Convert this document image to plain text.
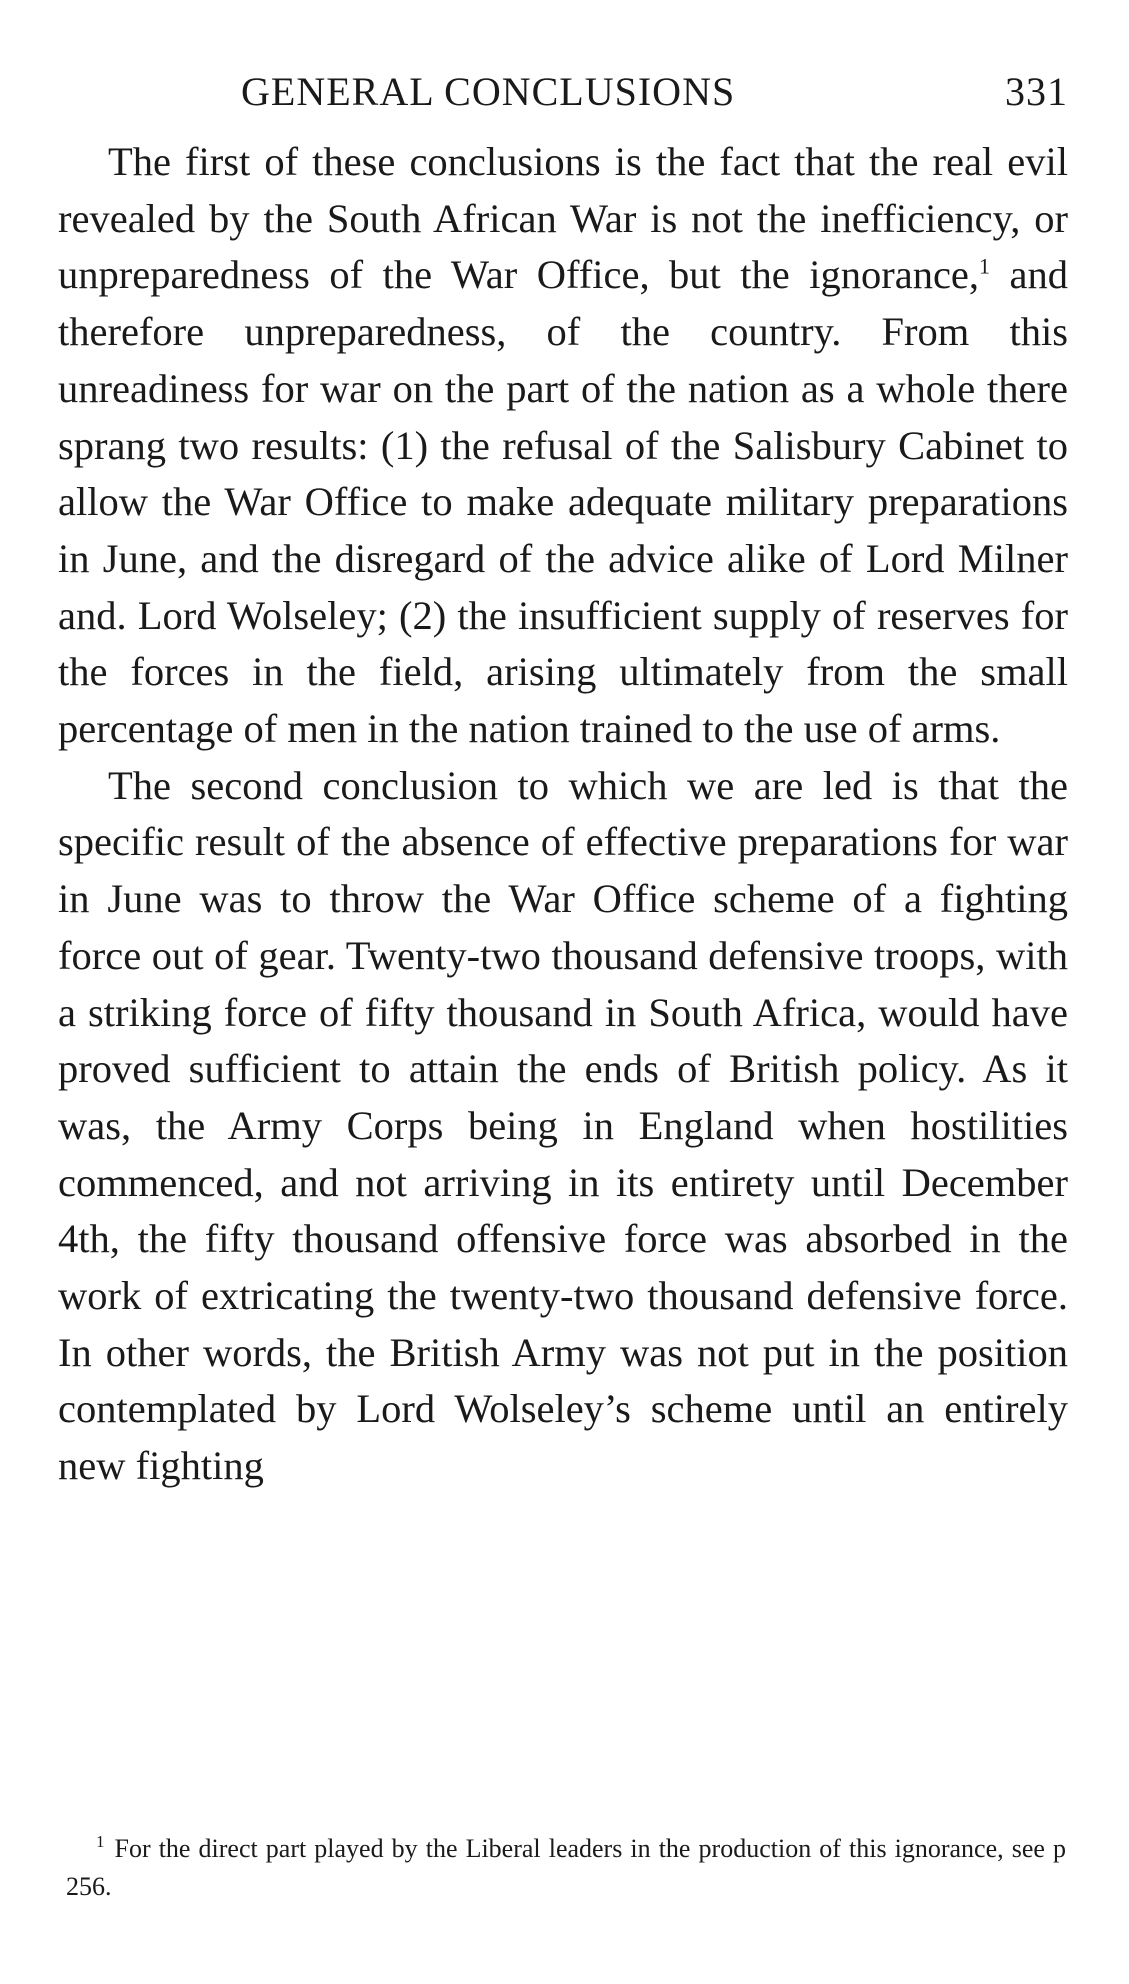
GENERAL CONCLUSIONS	331

The first of these conclusions is the fact that the real evil revealed by the South African War is not the inefficiency, or unpreparedness of the War Office, but the ignorance,$^1$ and therefore unpreparedness, of the country. From this unreadiness for war on the part of the nation as a whole there sprang two results: (1) the refusal of the Salisbury Cabinet to allow the War Office to make adequate military preparations in June, and the disregard of the advice alike of Lord Milner and. Lord Wolseley; (2) the insufficient supply of reserves for the forces in the field, arising ultimately from the small percentage of men in the nation trained to the use of arms.

The second conclusion to which we are led is that the specific result of the absence of effective preparations for war in June was to throw the War Office scheme of a fighting force out of gear. Twenty-two thousand defensive troops, with a striking force of fifty thousand in South Africa, would have proved sufficient to attain the ends of British policy. As it was, the Army Corps being in England when hostilities commenced, and not arriving in its entirety until December 4th, the fifty thousand offensive force was absorbed in the work of extricating the twenty-two thousand defensive force. In other words, the British Army was not put in the position contemplated by Lord Wolseley’s scheme until an entirely new fighting

$^1$ For the direct part played by the Liberal leaders in the production of this ignorance, see p 256.
